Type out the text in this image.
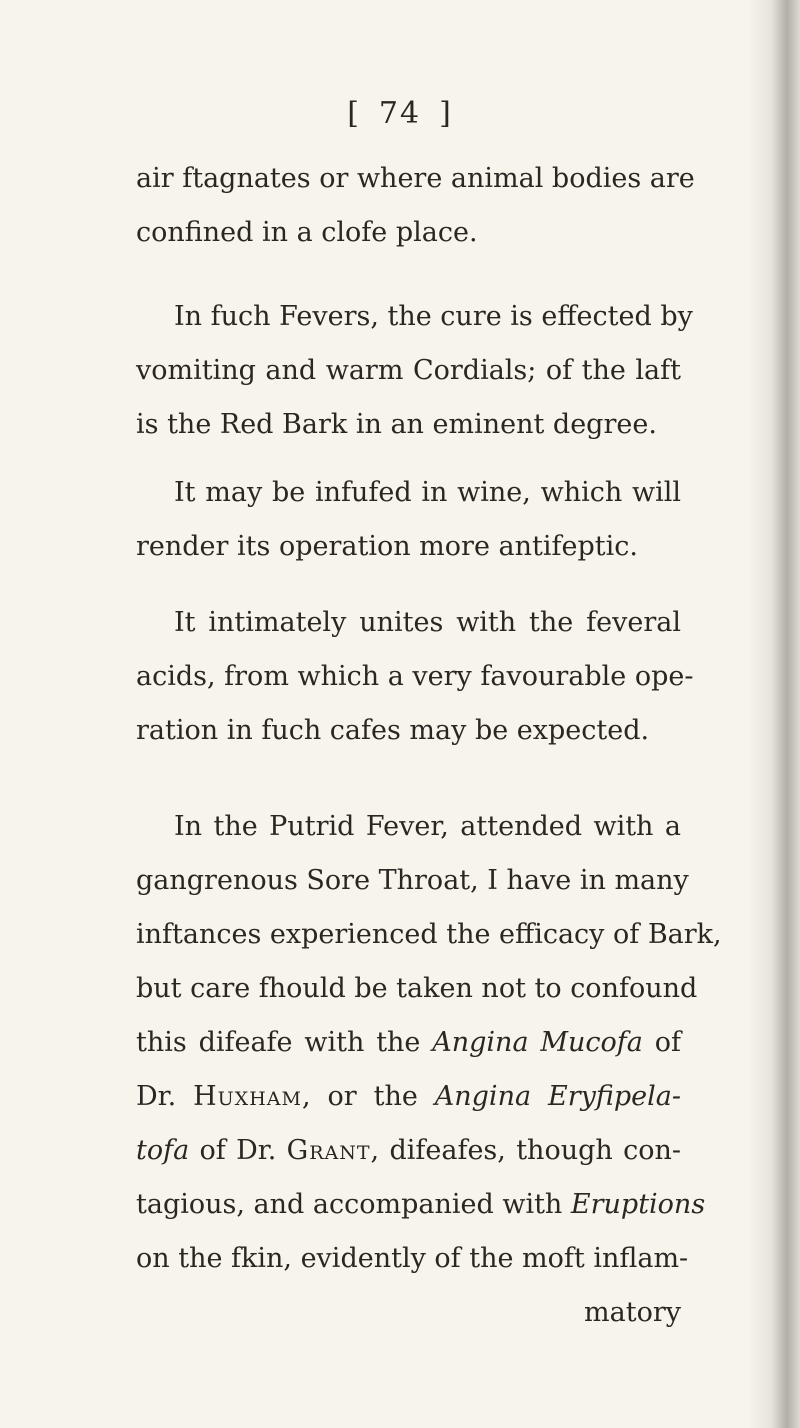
[ 74 ]
air ftagnates or where animal bodies are
confined in a clofe place.
In fuch Fevers, the cure is effected by
vomiting and warm Cordials; of the laft
is the Red Bark in an eminent degree.
It may be infufed in wine, which will
render its operation more antifeptic.
It intimately unites with the feveral
acids, from which a very favourable ope-
ration in fuch cafes may be expected.
In the Putrid Fever, attended with a
gangrenous Sore Throat, I have in many
inftances experienced the efficacy of Bark,
but care fhould be taken not to confound
this difeafe with the Angina Mucofa of
Dr. Huxham, or the Angina Eryfipela-
tofa of Dr. Grant, difeafes, though con-
tagious, and accompanied with Eruptions
on the fkin, evidently of the moft inflam-
matory
